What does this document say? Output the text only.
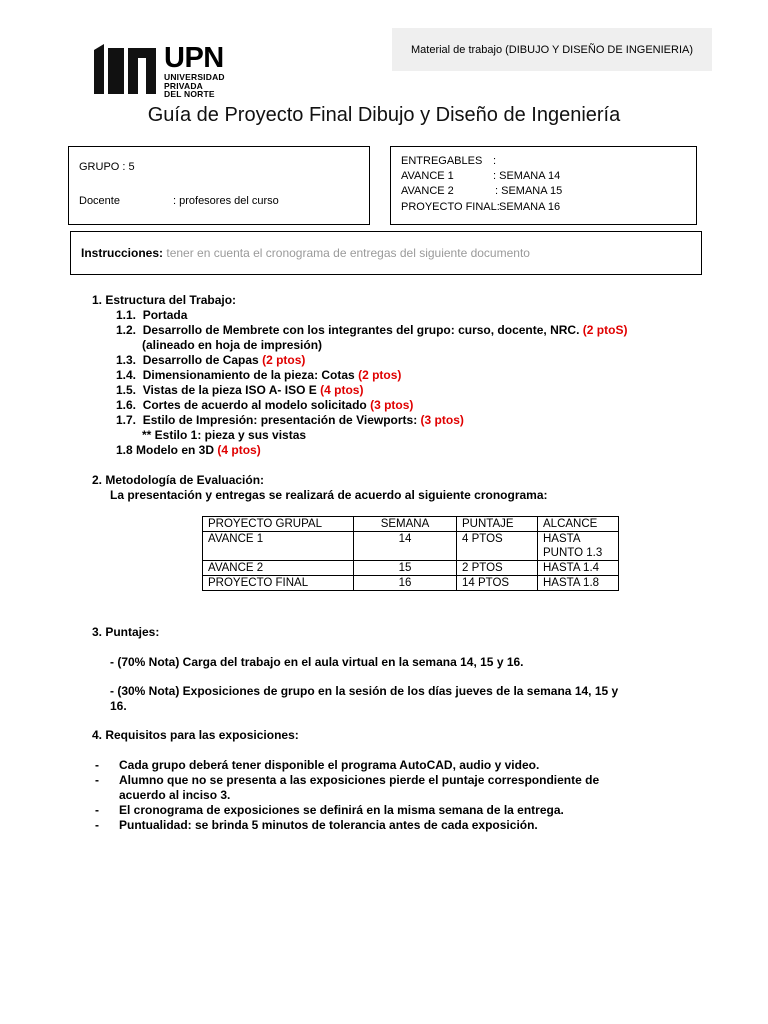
UPN
UNIVERSIDAD
PRIVADA
DEL NORTE
Material de trabajo (DIBUJO Y DISEÑO DE INGENIERIA)
Guía de Proyecto Final Dibujo y Diseño de Ingeniería
GRUPO : 5
Docente	: profesores del curso
ENTREGABLES :
AVANCE 1	: SEMANA 14
AVANCE 2	: SEMANA 15
PROYECTO FINAL: SEMANA 16
Instrucciones: tener en cuenta el cronograma de entregas del siguiente documento
1. Estructura del Trabajo:
1.1. Portada
1.2. Desarrollo de Membrete con los integrantes del grupo: curso, docente, NRC. (2 ptoS)
(alineado en hoja de impresión)
1.3. Desarrollo de Capas (2 ptos)
1.4. Dimensionamiento de la pieza: Cotas (2 ptos)
1.5. Vistas de la pieza ISO A- ISO E (4 ptos)
1.6. Cortes de acuerdo al modelo solicitado (3 ptos)
1.7. Estilo de Impresión: presentación de Viewports: (3 ptos)
** Estilo 1: pieza y sus vistas
1.8 Modelo en 3D (4 ptos)
2. Metodología de Evaluación:
La presentación y entregas se realizará de acuerdo al siguiente cronograma:
PROYECTO GRUPAL	SEMANA	PUNTAJE	ALCANCE
AVANCE 1	14	4 PTOS	HASTA PUNTO 1.3
AVANCE 2	15	2 PTOS	HASTA 1.4
PROYECTO FINAL	16	14 PTOS	HASTA 1.8
3. Puntajes:
- (70% Nota) Carga del trabajo en el aula virtual en la semana 14, 15 y 16.
- (30% Nota) Exposiciones de grupo en la sesión de los días jueves de la semana 14, 15 y
16.
4. Requisitos para las exposiciones:
- Cada grupo deberá tener disponible el programa AutoCAD, audio y video.
- Alumno que no se presenta a las exposiciones pierde el puntaje correspondiente de
acuerdo al inciso 3.
- El cronograma de exposiciones se definirá en la misma semana de la entrega.
- Puntualidad: se brinda 5 minutos de tolerancia antes de cada exposición.
